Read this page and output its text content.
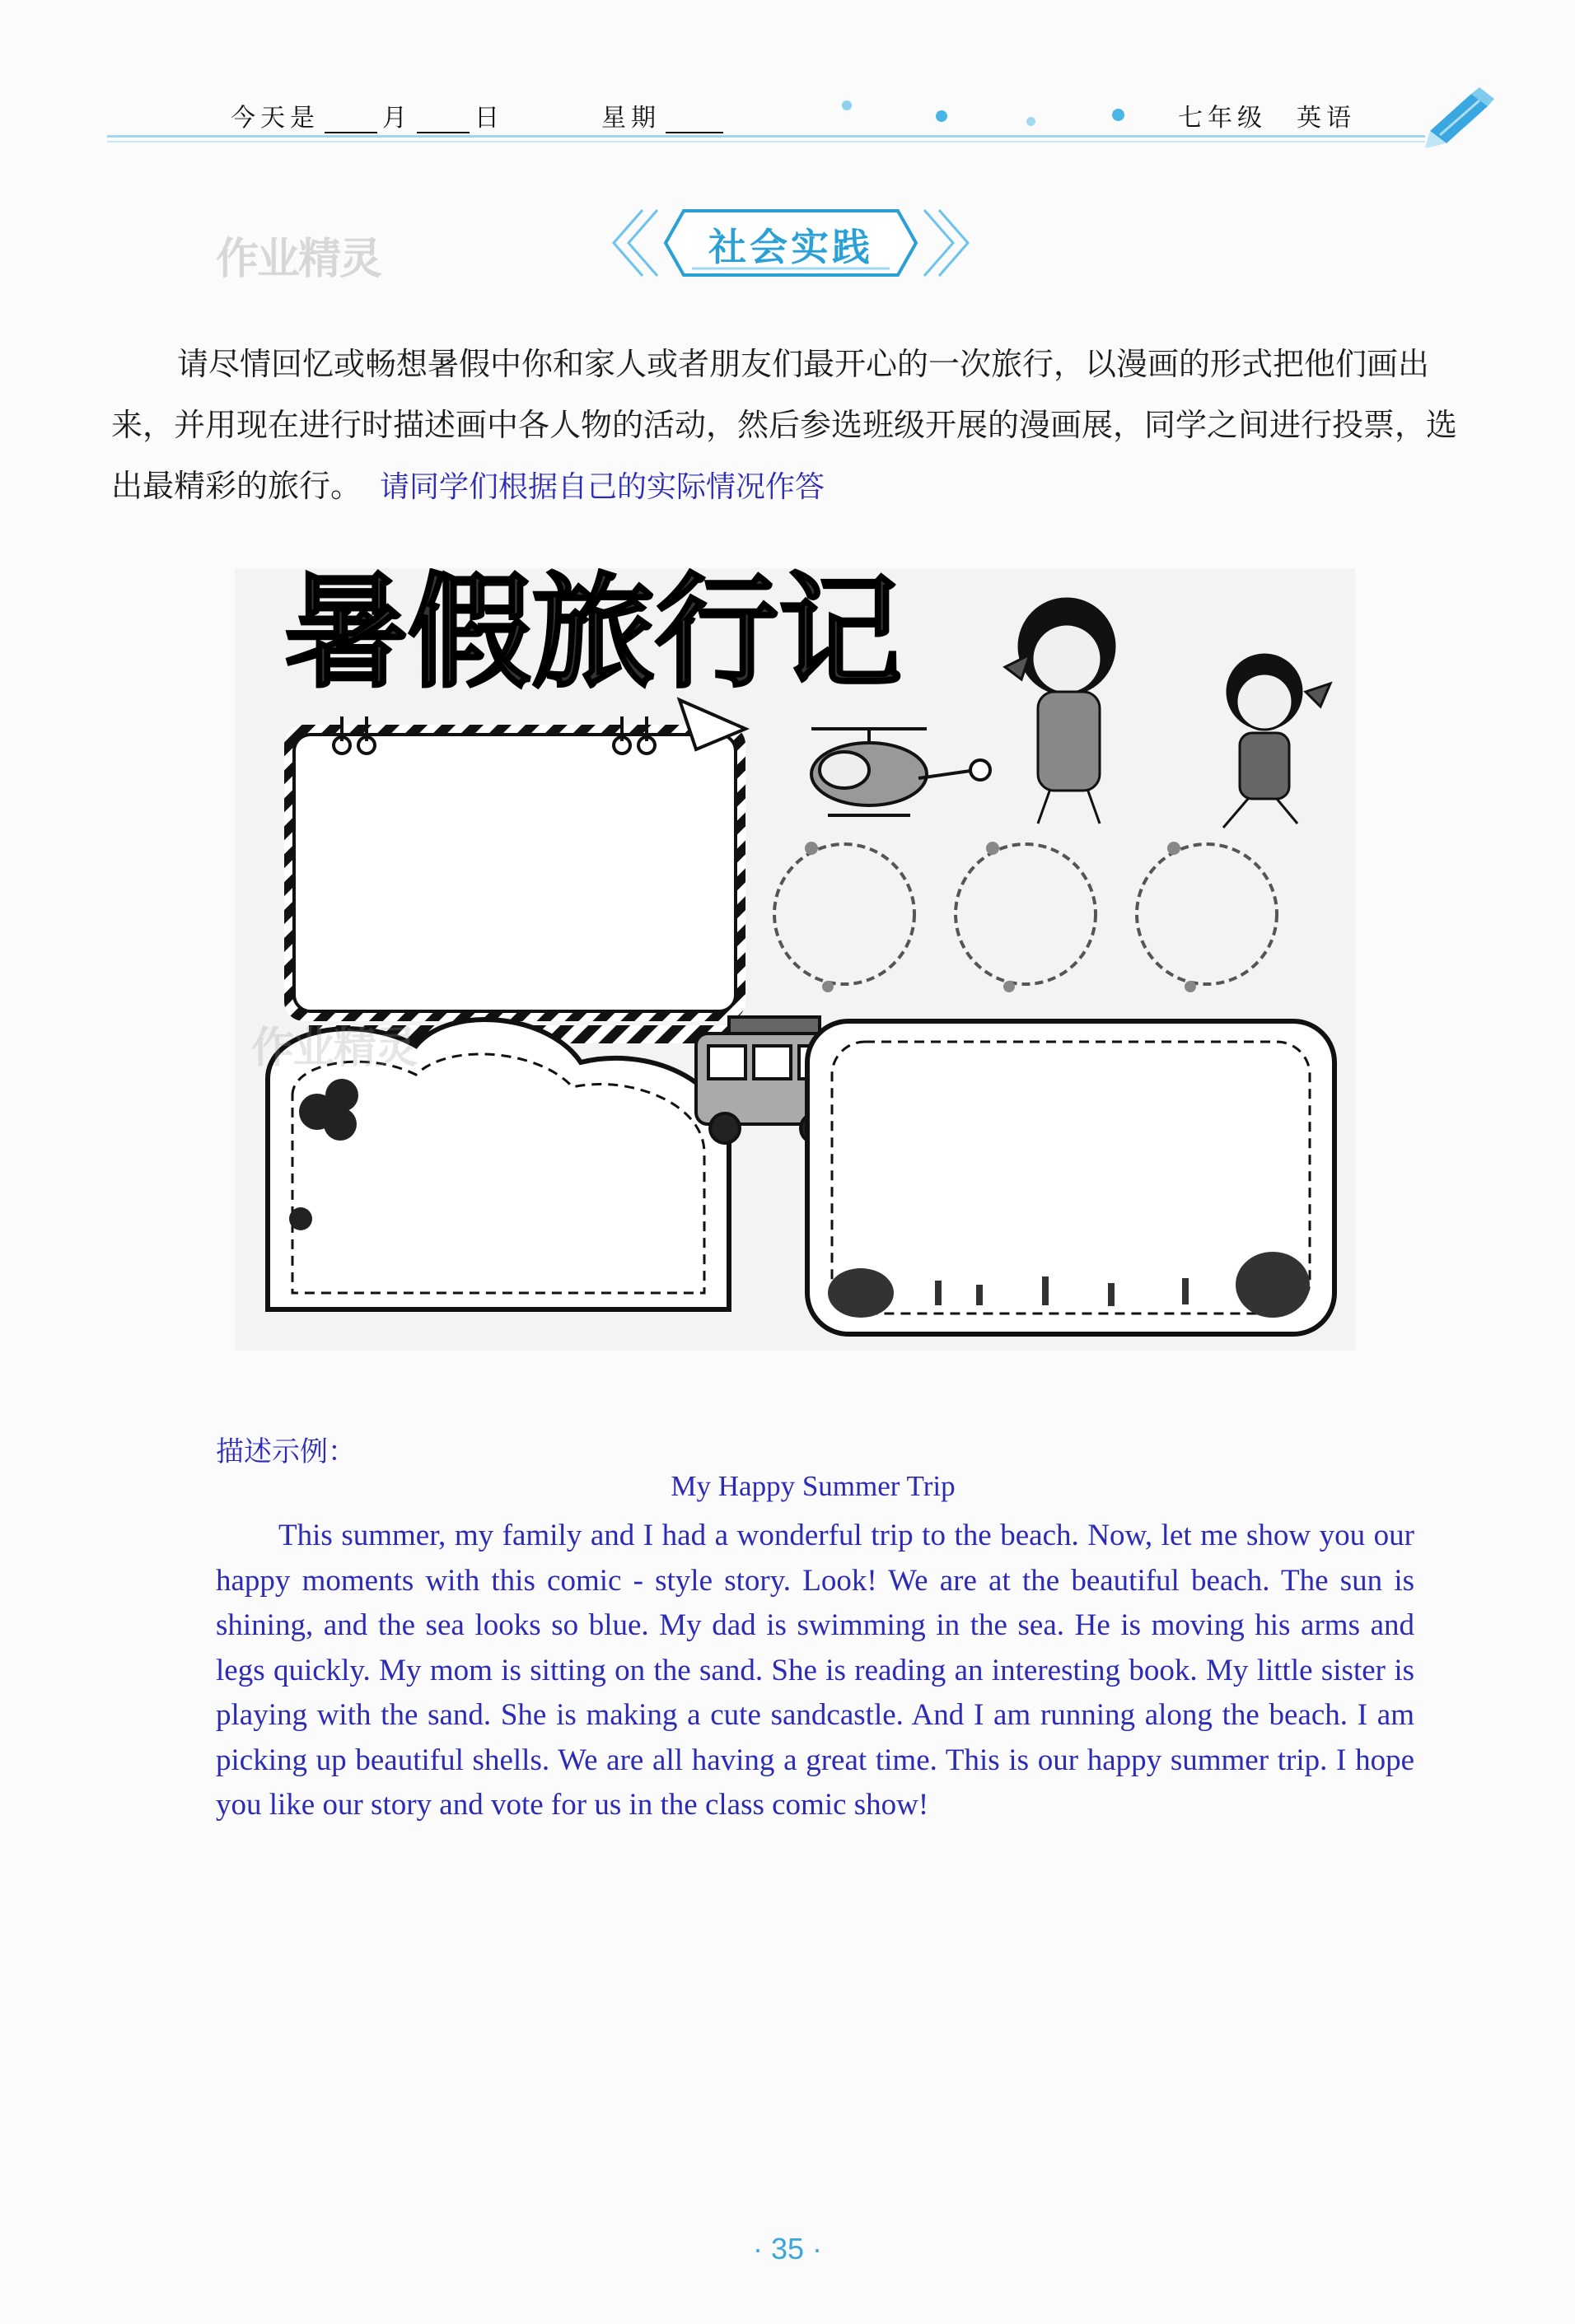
今天是	月	日	星期	七年级　英语
作业精灵	社会实践
请尽情回忆或畅想暑假中你和家人或者朋友们最开心的一次旅行，以漫画的形式把他们画出来，并用现在进行时描述画中各人物的活动，然后参选班级开展的漫画展，同学之间进行投票，选出最精彩的旅行。 请同学们根据自己的实际情况作答
暑假旅行记
作业精灵
描述示例：
My Happy Summer Trip
This summer, my family and I had a wonderful trip to the beach. Now, let me show you our happy moments with this comic - style story. Look! We are at the beautiful beach. The sun is shining, and the sea looks so blue. My dad is swimming in the sea. He is moving his arms and legs quickly. My mom is sitting on the sand. She is reading an interesting book. My little sister is playing with the sand. She is making a cute sandcastle. And I am running along the beach. I am picking up beautiful shells. We are all having a great time. This is our happy summer trip. I hope you like our story and vote for us in the class comic show!
· 35 ·
